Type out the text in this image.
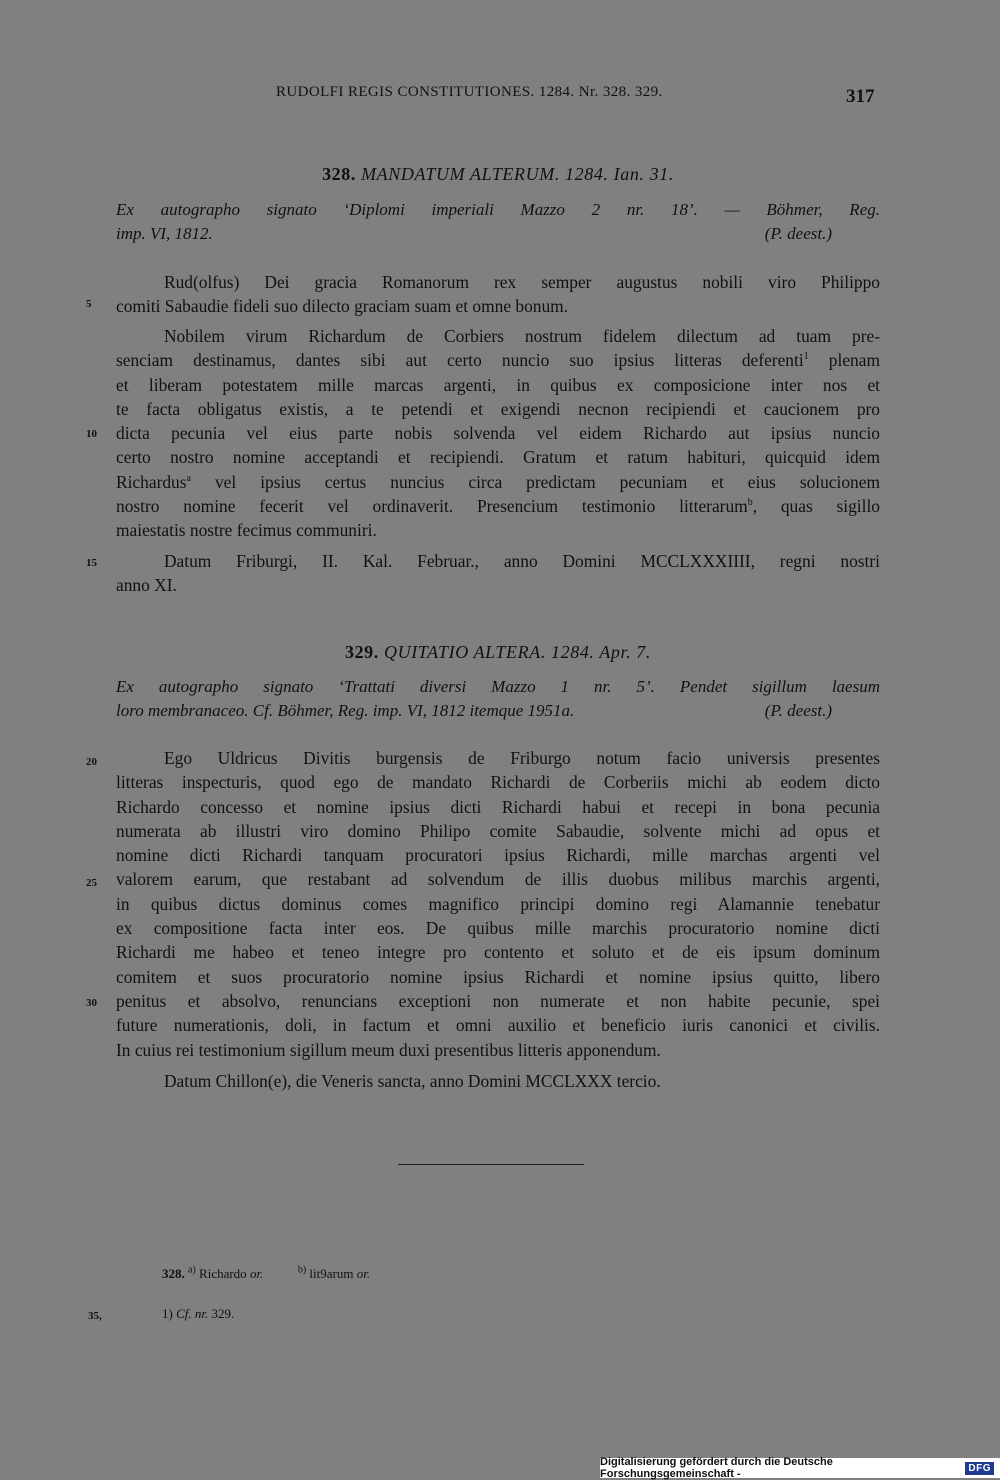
RUDOLFI REGIS CONSTITUTIONES. 1284. Nr. 328. 329.	317
328. MANDATUM ALTERUM. 1284. Ian. 31.
Ex autographo signato ‘Diplomi imperiali Mazzo 2 nr. 18’. — Böhmer, Reg.
imp. VI, 1812.	(P. deest.)
Rud(olfus) Dei gracia Romanorum rex semper augustus nobili viro Philippo
comiti Sabaudie fideli suo dilecto graciam suam et omne bonum.
5
Nobilem virum Richardum de Corbiers nostrum fidelem dilectum ad tuam pre-
senciam destinamus, dantes sibi aut certo nuncio suo ipsius litteras deferenti$^1$ plenam
et liberam potestatem mille marcas argenti, in quibus ex composicione inter nos et
te facta obligatus existis, a te petendi et exigendi necnon recipiendi et caucionem pro
dicta pecunia vel eius parte nobis solvenda vel eidem Richardo aut ipsius nuncio
certo nostro nomine acceptandi et recipiendi. Gratum et ratum habituri, quicquid idem
Richardus$^a$ vel ipsius certus nuncius circa predictam pecuniam et eius solucionem
nostro nomine fecerit vel ordinaverit. Presencium testimonio litterarum$^b$, quas sigillo
maiestatis nostre fecimus communiri.
10
Datum Friburgi, II. Kal. Februar., anno Domini MCCLXXXIIII, regni nostri
anno XI.
15
329. QUITATIO ALTERA. 1284. Apr. 7.
Ex autographo signato ‘Trattati diversi Mazzo 1 nr. 5’. Pendet sigillum laesum
loro membranaceo. Cf. Böhmer, Reg. imp. VI, 1812 itemque 1951a.	(P. deest.)
Ego Uldricus Divitis burgensis de Friburgo notum facio universis presentes
litteras inspecturis, quod ego de mandato Richardi de Corberiis michi ab eodem dicto
Richardo concesso et nomine ipsius dicti Richardi habui et recepi in bona pecunia
numerata ab illustri viro domino Philipo comite Sabaudie, solvente michi ad opus et
nomine dicti Richardi tanquam procuratori ipsius Richardi, mille marchas argenti vel
valorem earum, que restabant ad solvendum de illis duobus milibus marchis argenti,
in quibus dictus dominus comes magnifico principi domino regi Alamannie tenebatur
ex compositione facta inter eos. De quibus mille marchis procuratorio nomine dicti
Richardi me habeo et teneo integre pro contento et soluto et de eis ipsum dominum
comitem et suos procuratorio nomine ipsius Richardi et nomine ipsius quitto, libero
penitus et absolvo, renuncians exceptioni non numerate et non habite pecunie, spei
future numerationis, doli, in factum et omni auxilio et beneficio iuris canonici et civilis.
In cuius rei testimonium sigillum meum duxi presentibus litteris apponendum.
20
25
30
Datum Chillon(e), die Veneris sancta, anno Domini MCCLXXX tercio.
328. $^{a)}$ Richardo or.	$^{b)}$ lit9arum or.
1) Cf. nr. 329.
35,
Digitalisierung gefördert durch die Deutsche Forschungsgemeinschaft -	DFG
